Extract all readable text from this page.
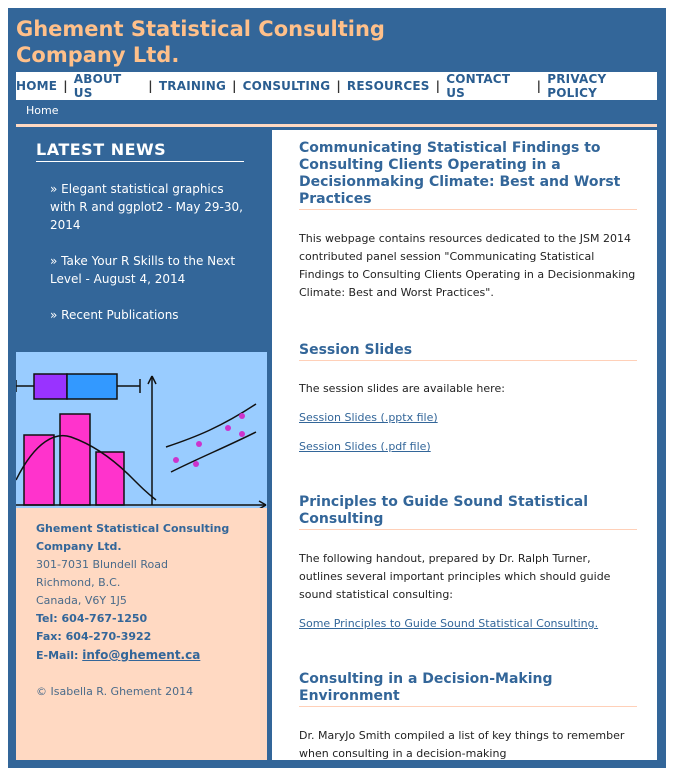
Ghement Statistical Consulting Company Ltd.
HOME | ABOUT US	| TRAINING | CONSULTING | RESOURCES | CONTACT US	| PRIVACY POLICY
Home
LATEST NEWS
» Elegant statistical graphics with R and ggplot2 - May 29-30, 2014
» Take Your R Skills to the Next Level - August 4, 2014
» Recent Publications
Ghement Statistical Consulting Company Ltd.
301-7031 Blundell Road
Richmond, B.C.
Canada, V6Y 1J5
Tel: 604-767-1250
Fax: 604-270-3922
E-Mail: info@ghement.ca
© Isabella R. Ghement 2014
Communicating Statistical Findings to Consulting Clients Operating in a Decisionmaking Climate: Best and Worst Practices

This webpage contains resources dedicated to the JSM 2014 contributed panel session "Communicating Statistical Findings to Consulting Clients Operating in a Decisionmaking Climate: Best and Worst Practices".

Session Slides

The session slides are available here:

Session Slides (.pptx file)

Session Slides (.pdf file)

Principles to Guide Sound Statistical Consulting

The following handout, prepared by Dr. Ralph Turner, outlines several important principles which should guide sound statistical consulting:

Some Principles to Guide Sound Statistical Consulting.

Consulting in a Decision-Making Environment

Dr. MaryJo Smith compiled a list of key things to remember when consulting in a decision-making
